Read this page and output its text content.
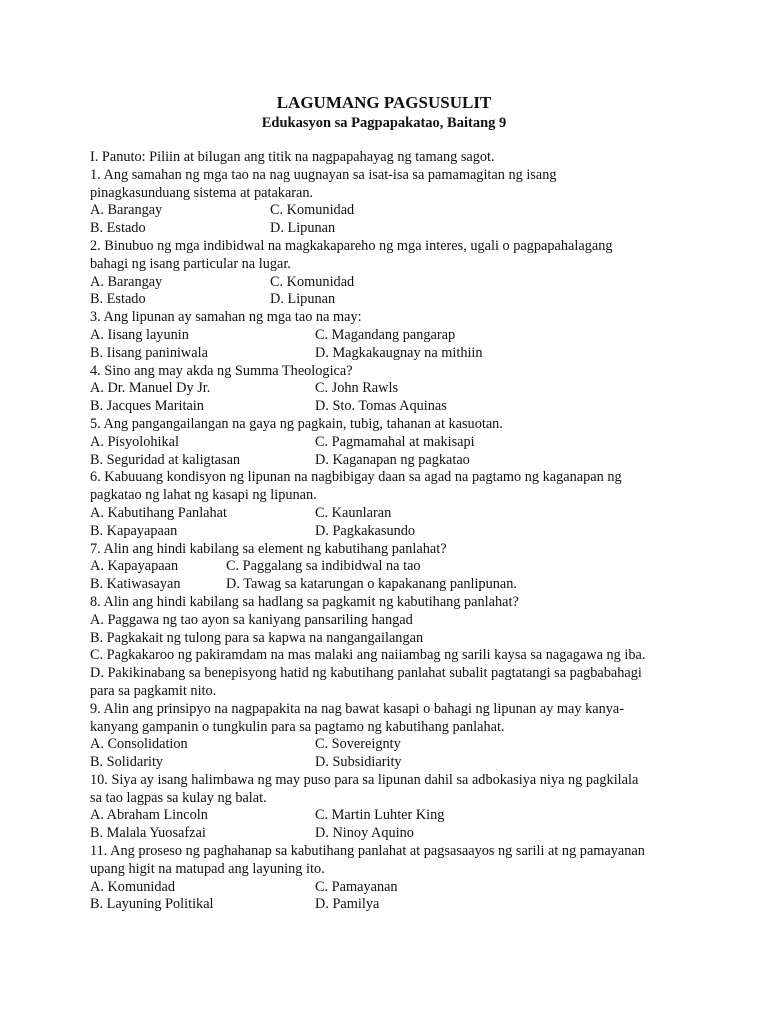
LAGUMANG PAGSUSULIT
Edukasyon sa Pagpapakatao, Baitang 9
I. Panuto: Piliin at bilugan ang titik na nagpapahayag ng tamang sagot.
1. Ang samahan ng mga tao na nag uugnayan sa isat-isa sa pamamagitan ng isang
pinagkasunduang sistema at patakaran.
A. Barangay	C. Komunidad
B. Estado	D. Lipunan
2. Binubuo ng mga indibidwal na magkakapareho ng mga interes, ugali o pagpapahalagang
bahagi ng isang particular na lugar.
A. Barangay	C. Komunidad
B. Estado	D. Lipunan
3. Ang lipunan ay samahan ng mga tao na may:
A. Iisang layunin	C. Magandang pangarap
B. Iisang paniniwala	D. Magkakaugnay na mithiin
4. Sino ang may akda ng Summa Theologica?
A. Dr. Manuel Dy Jr.	C. John Rawls
B. Jacques Maritain	D. Sto. Tomas Aquinas
5. Ang pangangailangan na gaya ng pagkain, tubig, tahanan at kasuotan.
A. Pisyolohikal	C. Pagmamahal at makisapi
B. Seguridad at kaligtasan	D. Kaganapan ng pagkatao
6. Kabuuang kondisyon ng lipunan na nagbibigay daan sa agad na pagtamo ng kaganapan ng
pagkatao ng lahat ng kasapi ng lipunan.
A. Kabutihang Panlahat	C. Kaunlaran
B. Kapayapaan	D. Pagkakasundo
7. Alin ang hindi kabilang sa element ng kabutihang panlahat?
A. Kapayapaan	C. Paggalang sa indibidwal na tao
B. Katiwasayan	D. Tawag sa katarungan o kapakanang panlipunan.
8. Alin ang hindi kabilang sa hadlang sa pagkamit ng kabutihang panlahat?
A. Paggawa ng tao ayon sa kaniyang pansariling hangad
B. Pagkakait ng tulong para sa kapwa na nangangailangan
C. Pagkakaroo ng pakiramdam na mas malaki ang naiiambag ng sarili kaysa sa nagagawa ng iba.
D. Pakikinabang sa benepisyong hatid ng kabutihang panlahat subalit pagtatangi sa pagbabahagi
para sa pagkamit nito.
9. Alin ang prinsipyo na nagpapakita na nag bawat kasapi o bahagi ng lipunan ay may kanya-
kanyang gampanin o tungkulin para sa pagtamo ng kabutihang panlahat.
A. Consolidation	C. Sovereignty
B. Solidarity	D. Subsidiarity
10. Siya ay isang halimbawa ng may puso para sa lipunan dahil sa adbokasiya niya ng pagkilala
sa tao lagpas sa kulay ng balat.
A. Abraham Lincoln	C. Martin Luhter King
B. Malala Yuosafzai	D. Ninoy Aquino
11. Ang proseso ng paghahanap sa kabutihang panlahat at pagsasaayos ng sarili at ng pamayanan
upang higit na matupad ang layuning ito.
A. Komunidad	C. Pamayanan
B. Layuning Politikal	D. Pamilya
